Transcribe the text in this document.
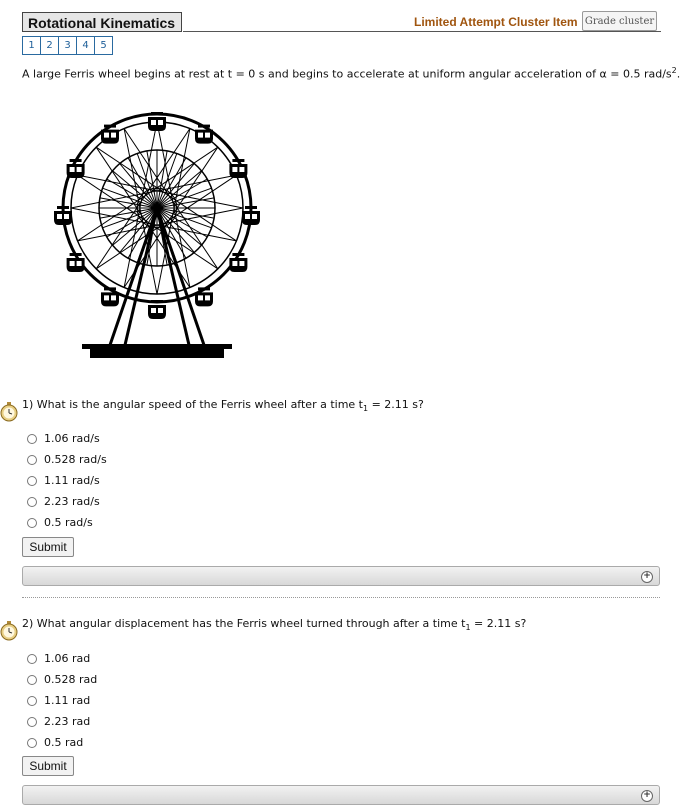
Rotational Kinematics	Limited Attempt Cluster Item Grade cluster
1	2	3	4	5
A large Ferris wheel begins at rest at t = 0 s and begins to accelerate at uniform angular acceleration of α = 0.5 rad/$s^2$.
1) What is the angular speed of the Ferris wheel after a time $t_1 = 2.11$ s?
1.06 rad/s
0.528 rad/s
1.11 rad/s
2.23 rad/s
0.5 rad/s
Submit
+
2) What angular displacement has the Ferris wheel turned through after a time $t_1 = 2.11$ s?
1.06 rad
0.528 rad
1.11 rad
2.23 rad
0.5 rad
Submit
+
